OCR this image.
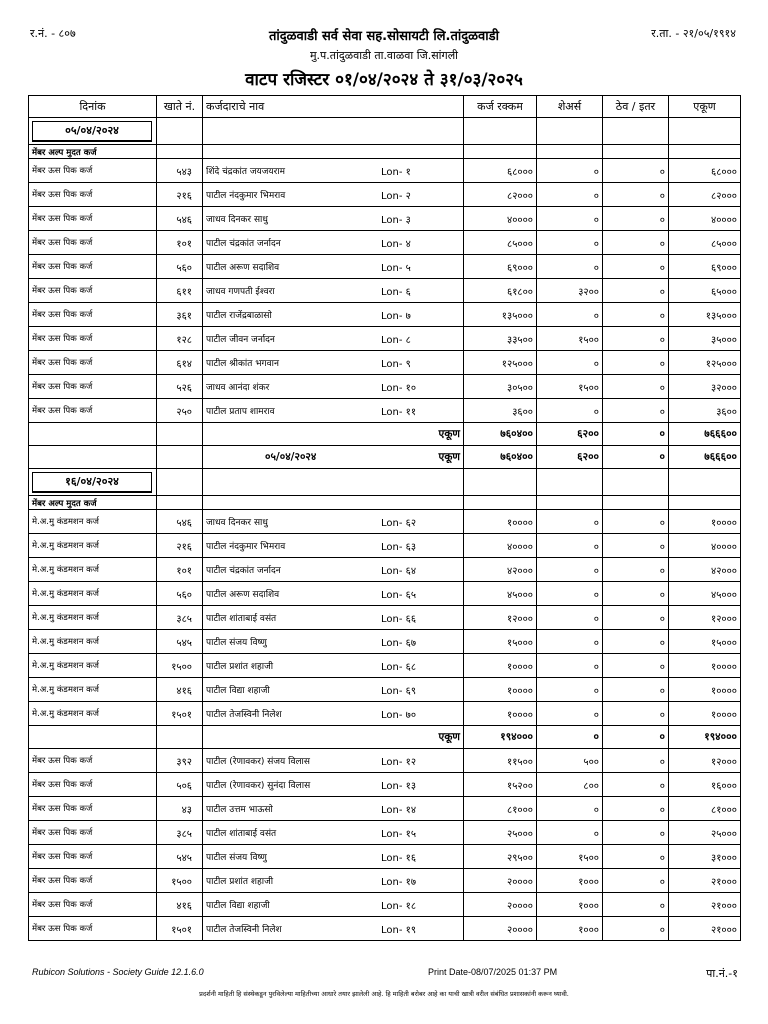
र.नं. - ८०७	तांदुळवाडी सर्व सेवा सह.सोसायटी लि.तांदुळवाडी	र.ता. - २१/०५/१९१४
मु.प.तांदुळवाडी ता.वाळवा जि.सांगली
वाटप रजिस्टर ०१/०४/२०२४ ते ३१/०३/२०२५
दिनांक	खाते नं.	कर्जदाराचे नाव	कर्ज रक्कम	शेअर्स	ठेव / इतर	एकूण
०५/०४/२०२४						
मेंबर अल्प मुदत कर्ज						
मेंबर ऊस पिक कर्ज	५४३	शिंदे चंद्रकांत जयजयराम Lon- १	६८०००	०	०	६८०००
मेंबर ऊस पिक कर्ज	२१६	पाटील नंदकुमार भिमराव Lon- २	८२०००	०	०	८२०००
मेंबर ऊस पिक कर्ज	५४६	जाधव दिनकर साधु Lon- ३	४००००	०	०	४००००
मेंबर ऊस पिक कर्ज	१०१	पाटील चंद्रकांत जर्नादन Lon- ४	८५०००	०	०	८५०००
मेंबर ऊस पिक कर्ज	५६०	पाटील अरूण सदाशिव Lon- ५	६९०००	०	०	६९०००
मेंबर ऊस पिक कर्ज	६११	जाधव गणपती ईश्वरा Lon- ६	६१८००	३२००	०	६५०००
मेंबर ऊस पिक कर्ज	३६१	पाटील राजेंद्रबाळासो Lon- ७	१३५०००	०	०	१३५०००
मेंबर ऊस पिक कर्ज	१२८	पाटील जीवन जर्नादन Lon- ८	३३५००	१५००	०	३५०००
मेंबर ऊस पिक कर्ज	६१४	पाटील श्रीकांत भगवान Lon- ९	१२५०००	०	०	१२५०००
मेंबर ऊस पिक कर्ज	५२६	जाधव आनंदा शंकर Lon- १०	३०५००	१५००	०	३२०००
मेंबर ऊस पिक कर्ज	२५०	पाटील प्रताप शामराव Lon- ११	३६००	०	०	३६००

		एकूण	७६०४००	६२००	०	७६६६००

		०५/०४/२०२४ एकूण	७६०४००	६२००	०	७६६६००
१६/०४/२०२४						
मेंबर अल्प मुदत कर्ज						
मे.अ.मु कंडमशन कर्ज	५४६	जाधव दिनकर साधु Lon- ६२	१००००	०	०	१००००
मे.अ.मु कंडमशन कर्ज	२१६	पाटील नंदकुमार भिमराव Lon- ६३	४००००	०	०	४००००
मे.अ.मु कंडमशन कर्ज	१०१	पाटील चंद्रकांत जर्नादन Lon- ६४	४२०००	०	०	४२०००
मे.अ.मु कंडमशन कर्ज	५६०	पाटील अरूण सदाशिव Lon- ६५	४५०००	०	०	४५०००
मे.अ.मु कंडमशन कर्ज	३८५	पाटील शांताबाई वसंत Lon- ६६	१२०००	०	०	१२०००
मे.अ.मु कंडमशन कर्ज	५४५	पाटील संजय विष्णु Lon- ६७	१५०००	०	०	१५०००
मे.अ.मु कंडमशन कर्ज	१५००	पाटील प्रशांत शहाजी Lon- ६८	१००००	०	०	१००००
मे.अ.मु कंडमशन कर्ज	४१६	पाटील विद्या शहाजी Lon- ६९	१००००	०	०	१००००
मे.अ.मु कंडमशन कर्ज	१५०१	पाटील तेजस्विनी निलेश Lon- ७०	१००००	०	०	१००००

		एकूण	१९४०००	०	०	१९४०००
मेंबर ऊस पिक कर्ज	३९२	पाटील (रेणावकर) संजय विलास Lon- १२	११५००	५००	०	१२०००
मेंबर ऊस पिक कर्ज	५०६	पाटील (रेणावकर) सुनंदा विलास Lon- १३	१५२००	८००	०	१६०००
मेंबर ऊस पिक कर्ज	४३	पाटील उत्तम भाऊसो Lon- १४	८१०००	०	०	८१०००
मेंबर ऊस पिक कर्ज	३८५	पाटील शांताबाई वसंत Lon- १५	२५०००	०	०	२५०००
मेंबर ऊस पिक कर्ज	५४५	पाटील संजय विष्णु Lon- १६	२९५००	१५००	०	३१०००
मेंबर ऊस पिक कर्ज	१५००	पाटील प्रशांत शहाजी Lon- १७	२००००	१०००	०	२१०००
मेंबर ऊस पिक कर्ज	४१६	पाटील विद्या शहाजी Lon- १८	२००००	१०००	०	२१०००
मेंबर ऊस पिक कर्ज	१५०१	पाटील तेजस्विनी निलेश Lon- १९	२००००	१०००	०	२१०००
Rubicon Solutions - Society Guide 12.1.6.0	Print Date-08/07/2025 01:37 PM	पा.नं.-१
प्रदर्शनी माहिती हि संस्थेकडून पुरविलेल्या माहितीच्या आधारे तयार झालेली आहे. हि माहिती बरोबर आहे का याची खात्री वरील संबंधित प्रशासकांनी करून घ्यावी.
